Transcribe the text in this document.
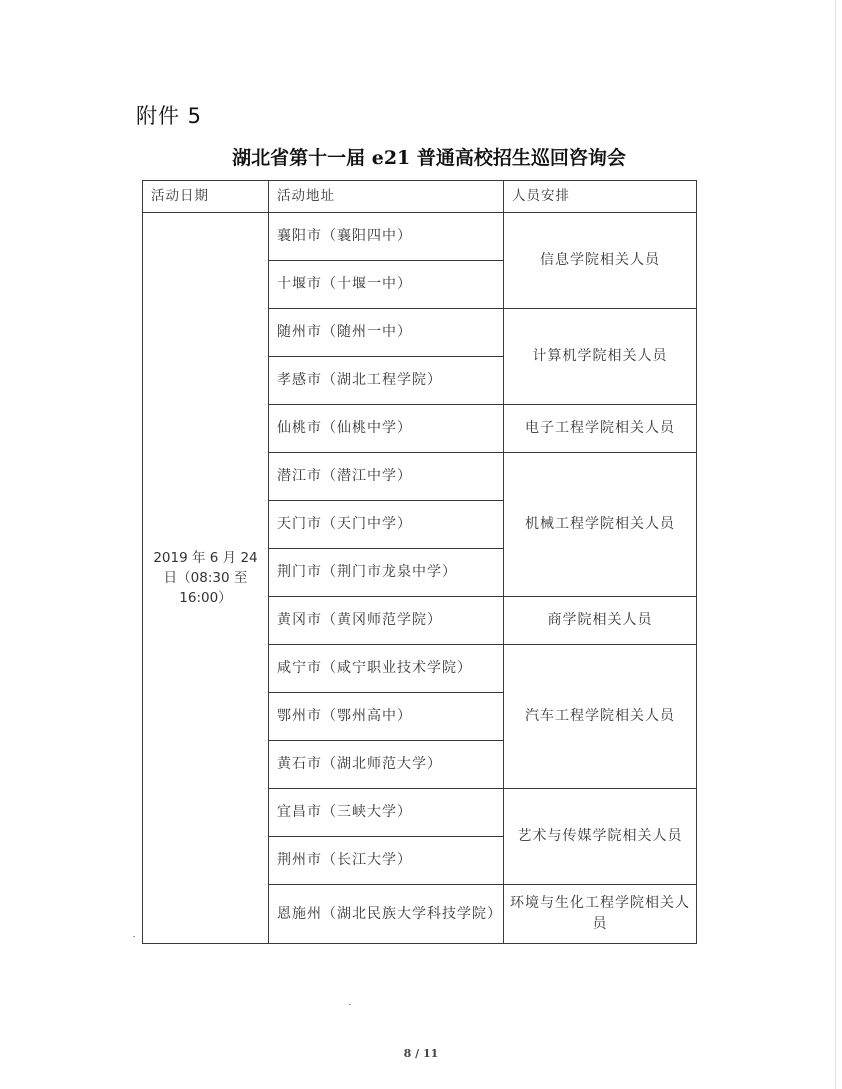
附件 5
湖北省第十一届 e21 普通高校招生巡回咨询会
活动日期	活动地址	人员安排
2019 年 6 月 24 日（08:30 至 16:00）	襄阳市（襄阳四中）	信息学院相关人员
	十堰市（十堰一中）	
	随州市（随州一中）	计算机学院相关人员
	孝感市（湖北工程学院）	
	仙桃市（仙桃中学）	电子工程学院相关人员
	潜江市（潜江中学）	机械工程学院相关人员
	天门市（天门中学）	
	荆门市（荆门市龙泉中学）	
	黄冈市（黄冈师范学院）	商学院相关人员
	咸宁市（咸宁职业技术学院）	汽车工程学院相关人员
	鄂州市（鄂州高中）	
	黄石市（湖北师范大学）	
	宜昌市（三峡大学）	艺术与传媒学院相关人员
	荆州市（长江大学）	
	恩施州（湖北民族大学科技学院）	环境与生化工程学院相关人员
8 / 11
